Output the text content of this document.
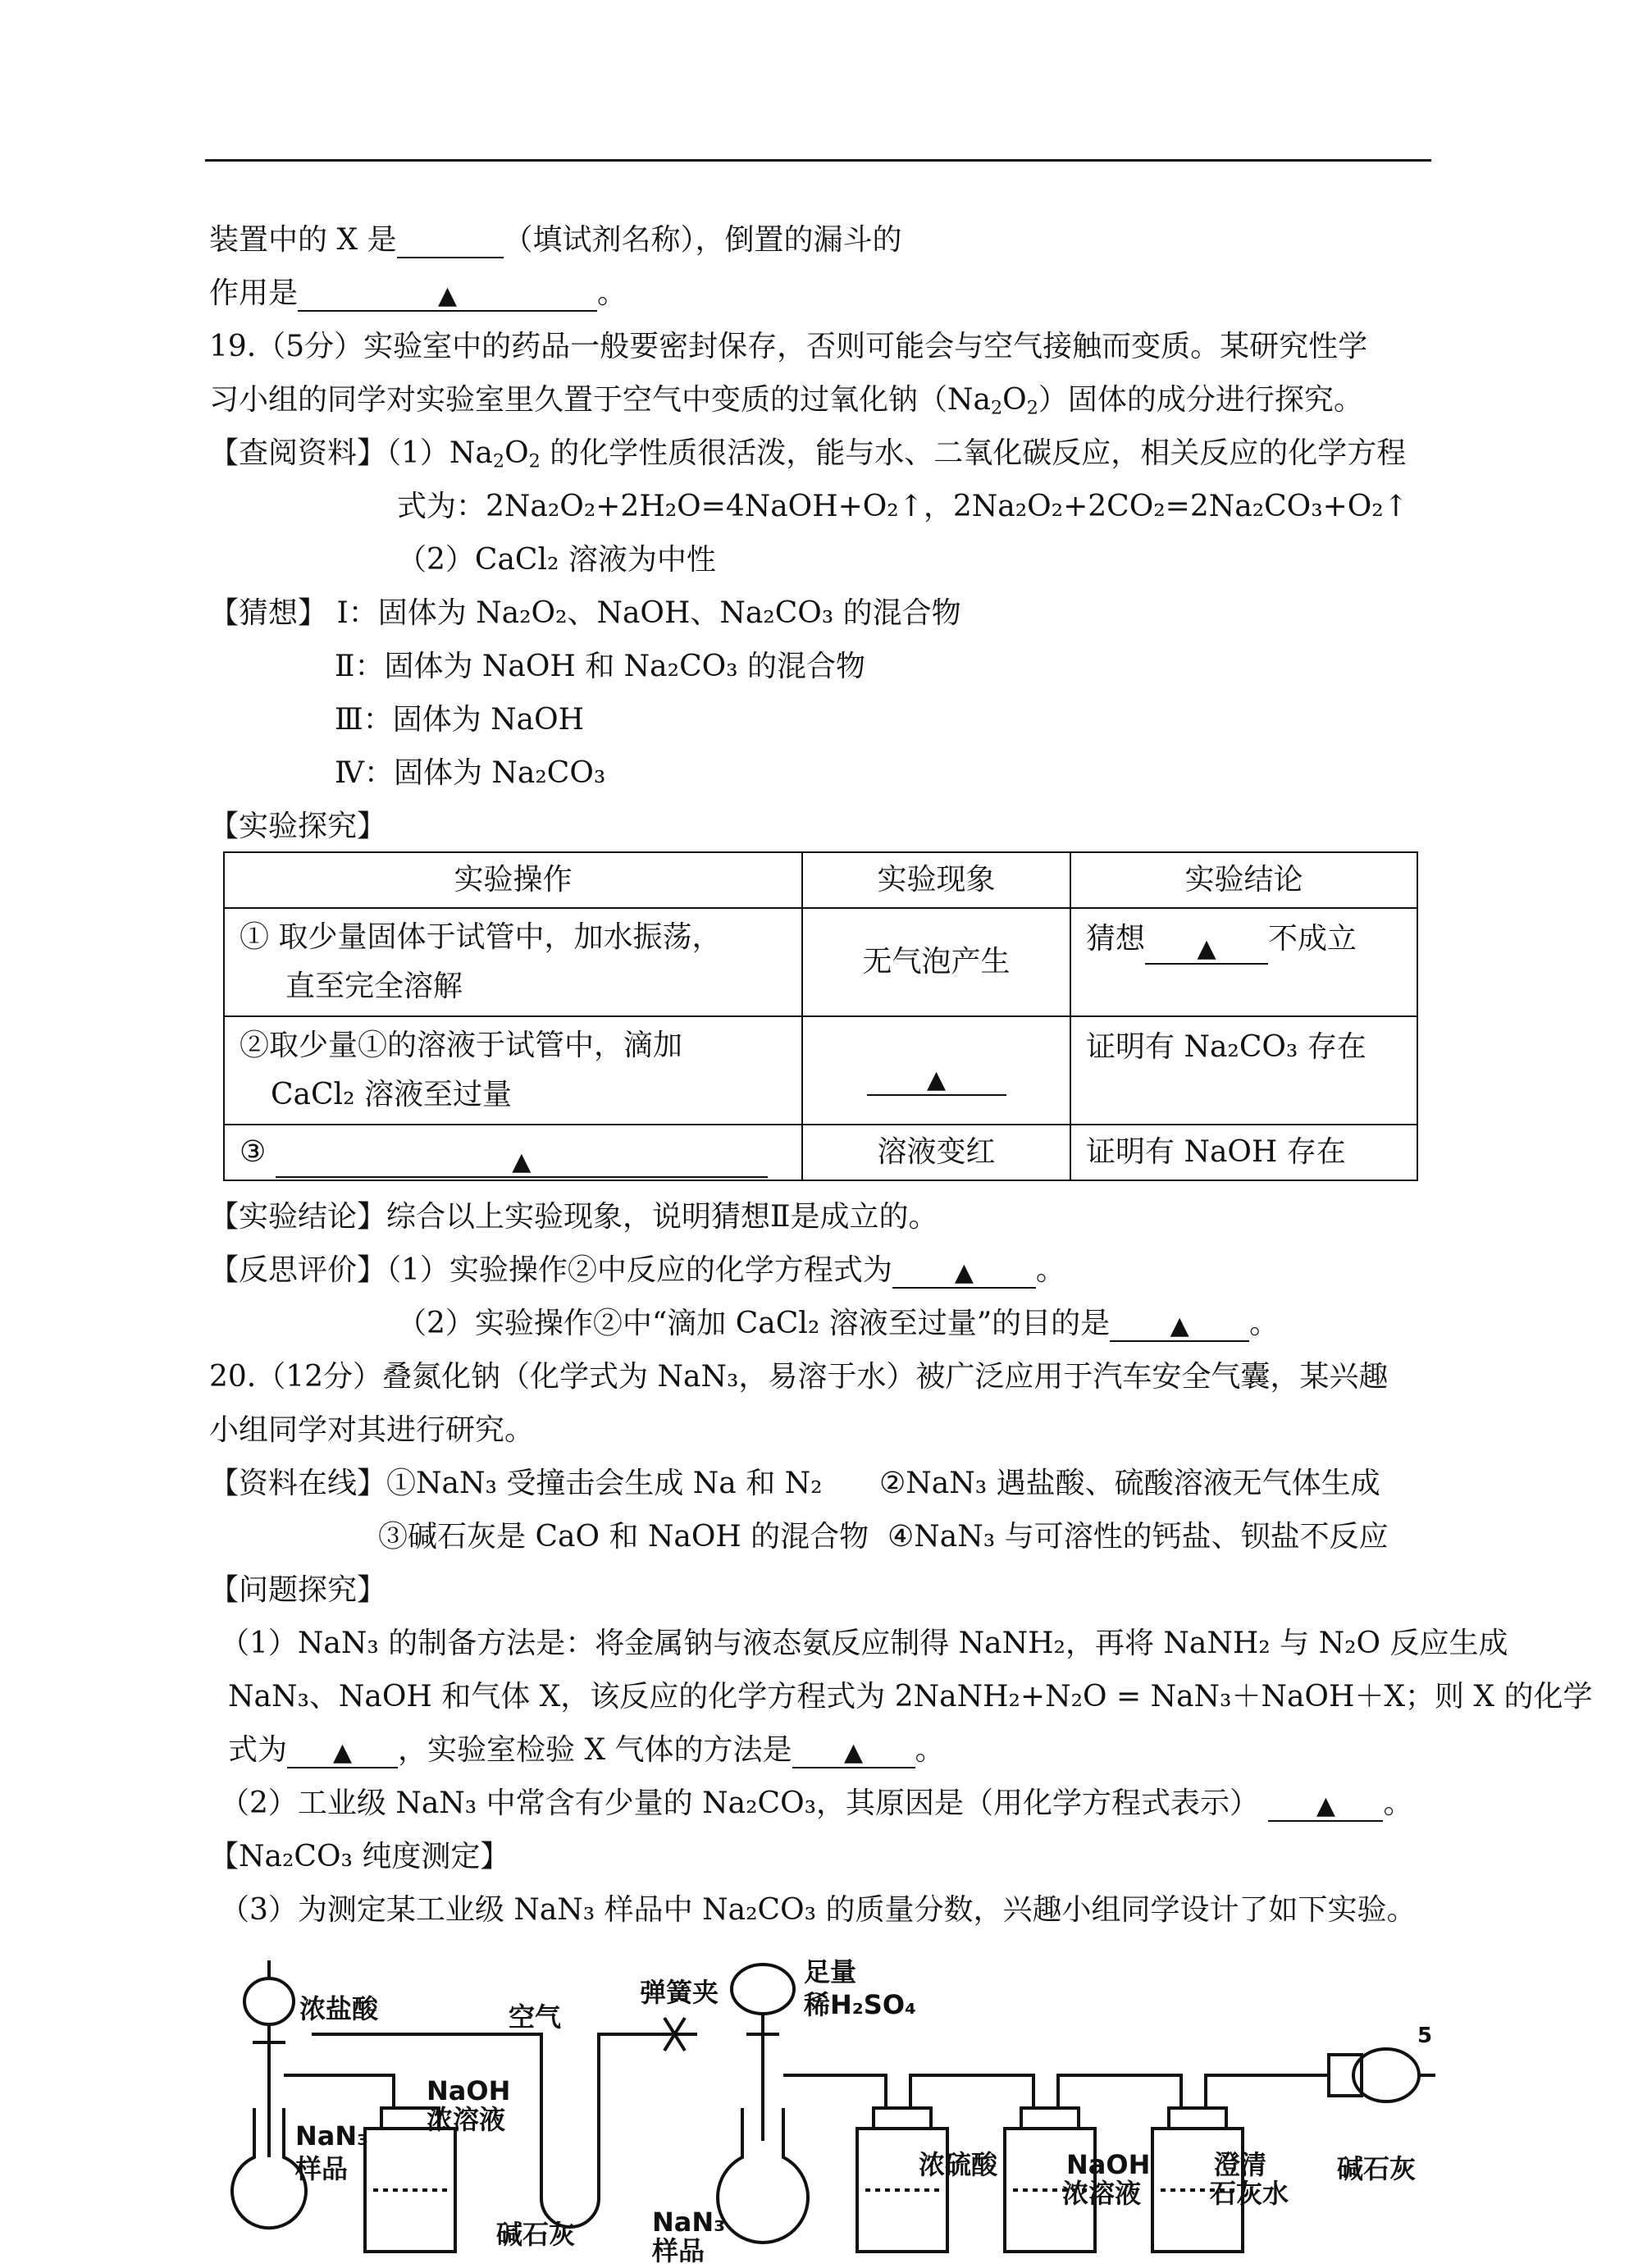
装置中的 X 是	（填试剂名称），倒置的漏斗的
作用是	▲	。
19.（5分）实验室中的药品一般要密封保存，否则可能会与空气接触而变质。某研究性学
习小组的同学对实验室里久置于空气中变质的过氧化钠$(Na_2O_2)$固体的成分进行探究。
【查阅资料】$(1)Na_2O_2$ 的化学性质很活泼，能与水、二氧化碳反应，相关反应的化学方程
式为：2Na₂O₂+2H₂O=4NaOH+O₂↑，2Na₂O₂+2CO₂=2Na₂CO₃+O₂↑
（2）CaCl₂ 溶液为中性
【猜想】 Ⅰ：固体为 Na₂O₂、NaOH、Na₂CO₃ 的混合物
Ⅱ：固体为 NaOH 和 Na₂CO₃ 的混合物
Ⅲ：固体为 NaOH
Ⅳ：固体为 Na₂CO₃
【实验探究】
实验操作	实验现象	实验结论

① 取少量固体于试管中，加水振荡，
直至完全溶解	无气泡产生	猜想 ▲ 不成立

②取少量①的溶液于试管中，滴加
CaCl₂ 溶液至过量	▲	证明有 Na₂CO₃ 存在
③ ▲	溶液变红	证明有 NaOH 存在
【实验结论】综合以上实验现象，说明猜想Ⅱ是成立的。
【反思评价】（1）实验操作②中反应的化学方程式为	▲ 。
（2）实验操作②中“滴加 CaCl₂ 溶液至过量”的目的是 ▲ 。
20.（12分）叠氮化钠（化学式为 NaN₃，易溶于水）被广泛应用于汽车安全气囊，某兴趣
小组同学对其进行研究。
【资料在线】①NaN₃ 受撞击会生成 Na 和 N₂ ②NaN₃ 遇盐酸、硫酸溶液无气体生成
③碱石灰是 CaO 和 NaOH 的混合物 ④NaN₃ 与可溶性的钙盐、钡盐不反应
【问题探究】
（1）NaN₃ 的制备方法是：将金属钠与液态氨反应制得 NaNH₂，再将 NaNH₂ 与 N₂O 反应生成
NaN₃、NaOH 和气体 X，该反应的化学方程式为 2NaNH₂+N₂O = NaN₃＋NaOH＋X；则 X 的化学
式为 ▲ ，实验室检验 X 气体的方法是 ▲ 。
（2）工业级 NaN₃ 中常含有少量的 Na₂CO₃，其原因是（用化学方程式表示） ▲ 。
【Na₂CO₃ 纯度测定】
（3）为测定某工业级 NaN₃ 样品中 Na₂CO₃ 的质量分数，兴趣小组同学设计了如下实验。
浓盐酸
NaN₃
样品
NaOH
浓溶液
空气
弹簧夹
足量
稀H₂SO₄
碱石灰	NaN₃
样品
浓硫酸	NaOH
浓溶液
澄清
石灰水
碱石灰
5
